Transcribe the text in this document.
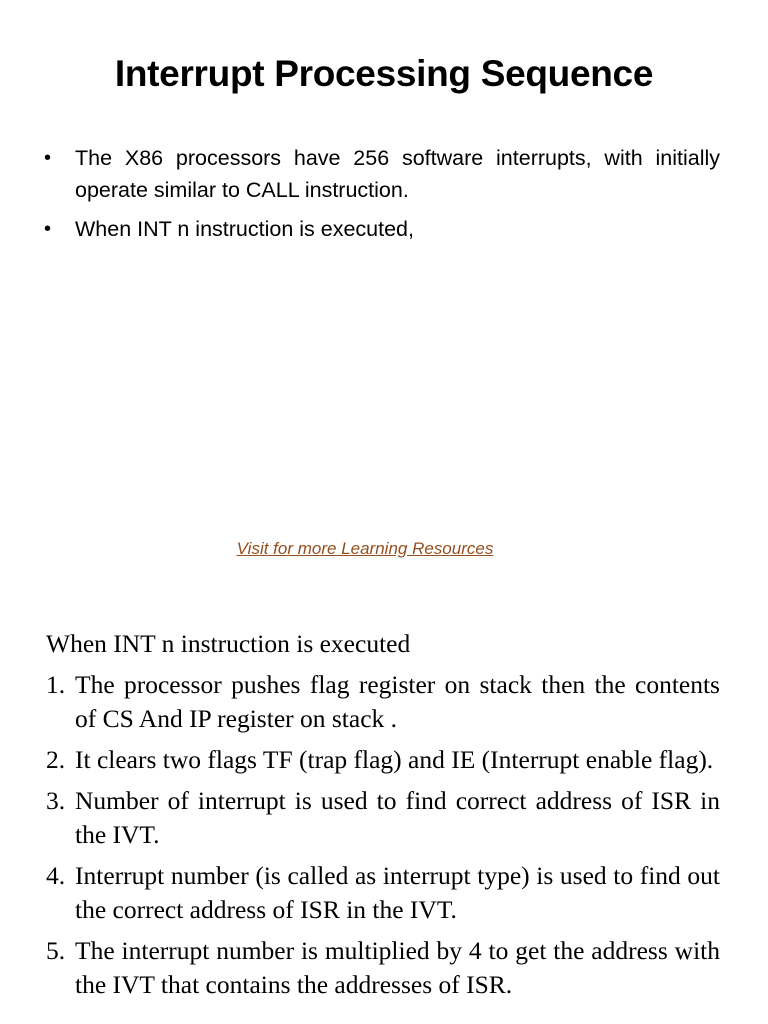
Interrupt Processing Sequence
• The X86 processors have 256 software interrupts, with initially operate similar to CALL instruction.
• When INT n instruction is executed,
Visit for more Learning Resources

When INT n instruction is executed

1. The processor pushes flag register on stack then the contents of CS And IP register on stack .
2. It clears two flags TF (trap flag) and IE (Interrupt enable flag).
3. Number of interrupt is used to find correct address of ISR in the IVT.
4. Interrupt number (is called as interrupt type) is used to find out the correct address of ISR in the IVT.
5. The interrupt number is multiplied by 4 to get the address with the IVT that contains the addresses of ISR.
